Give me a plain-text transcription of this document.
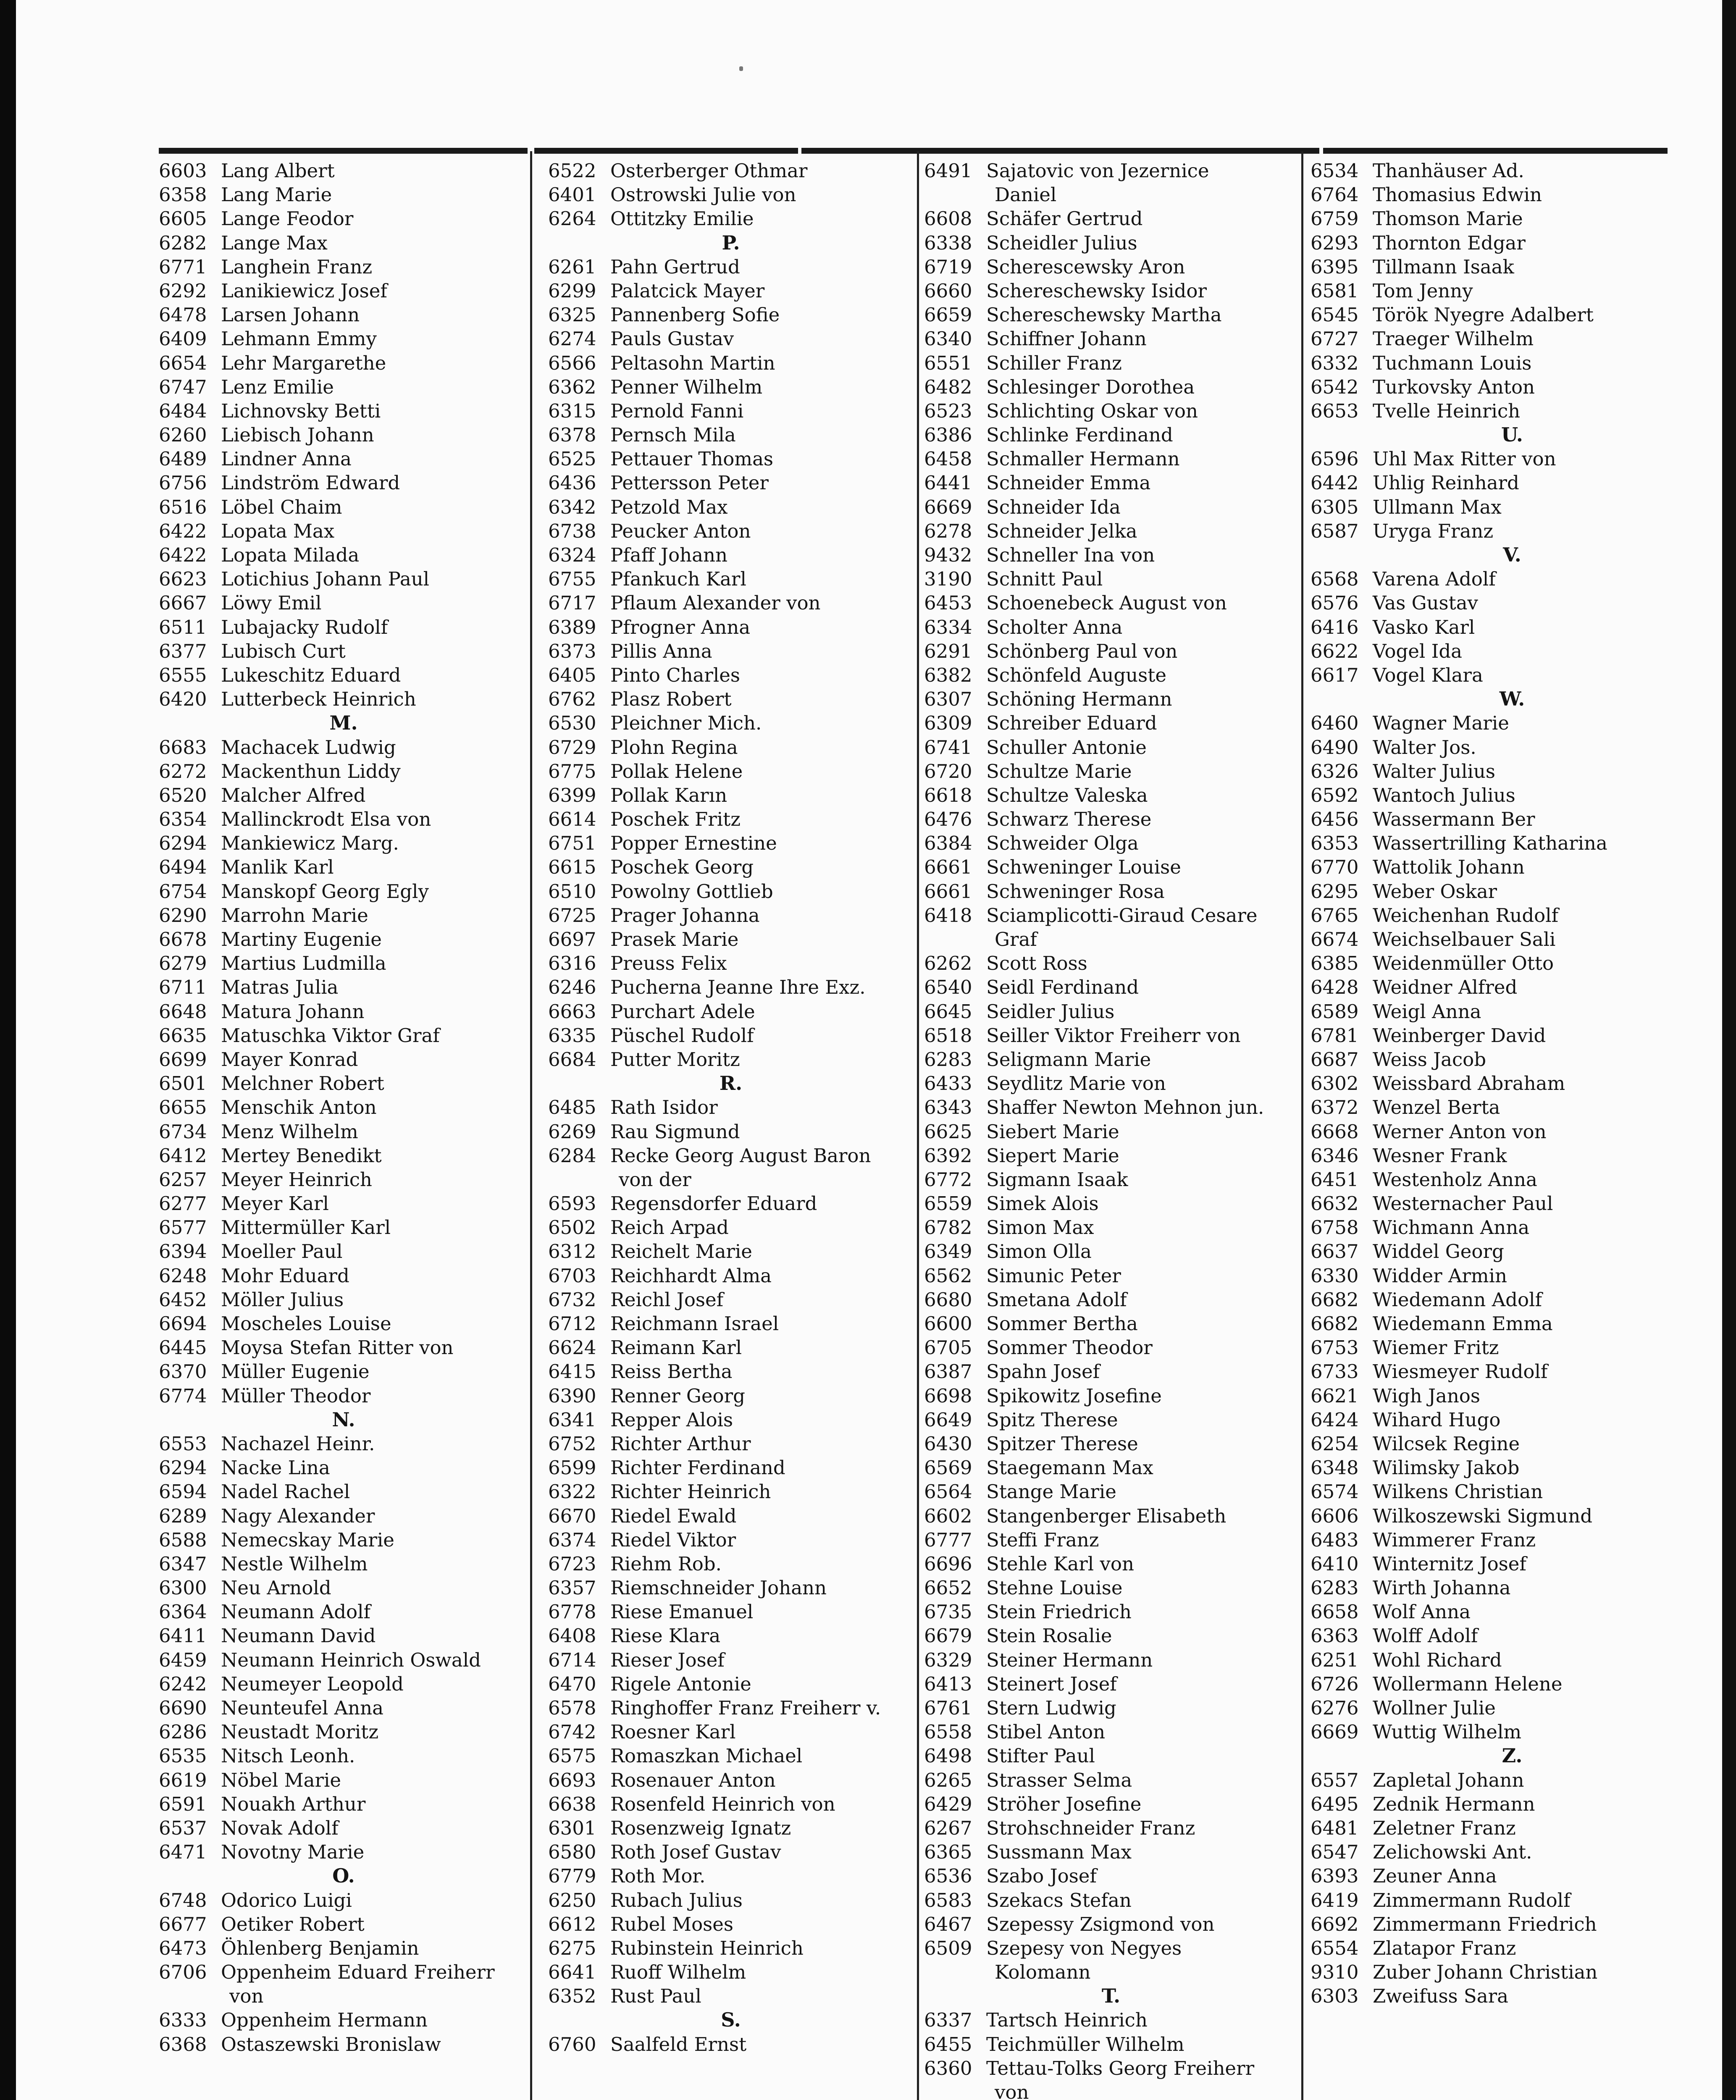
6603 Lang Albert
6358 Lang Marie
6605 Lange Feodor
6282 Lange Max
6771 Langhein Franz
6292 Lanikiewicz Josef
6478 Larsen Johann
6409 Lehmann Emmy
6654 Lehr Margarethe
6747 Lenz Emilie
6484 Lichnovsky Betti
6260 Liebisch Johann
6489 Lindner Anna
6756 Lindström Edward
6516 Löbel Chaim
6422 Lopata Max
6422 Lopata Milada
6623 Lotichius Johann Paul
6667 Löwy Emil
6511 Lubajacky Rudolf
6377 Lubisch Curt
6555 Lukeschitz Eduard
6420 Lutterbeck Heinrich
M.
6683 Machacek Ludwig
6272 Mackenthun Liddy
6520 Malcher Alfred
6354 Mallinckrodt Elsa von
6294 Mankiewicz Marg.
6494 Manlik Karl
6754 Manskopf Georg Egly
6290 Marrohn Marie
6678 Martiny Eugenie
6279 Martius Ludmilla
6711 Matras Julia
6648 Matura Johann
6635 Matuschka Viktor Graf
6699 Mayer Konrad
6501 Melchner Robert
6655 Menschik Anton
6734 Menz Wilhelm
6412 Mertey Benedikt
6257 Meyer Heinrich
6277 Meyer Karl
6577 Mittermüller Karl
6394 Moeller Paul
6248 Mohr Eduard
6452 Möller Julius
6694 Moscheles Louise
6445 Moysa Stefan Ritter von
6370 Müller Eugenie
6774 Müller Theodor
N.
6553 Nachazel Heinr.
6294 Nacke Lina
6594 Nadel Rachel
6289 Nagy Alexander
6588 Nemecskay Marie
6347 Nestle Wilhelm
6300 Neu Arnold
6364 Neumann Adolf
6411 Neumann David
6459 Neumann Heinrich Oswald
6242 Neumeyer Leopold
6690 Neunteufel Anna
6286 Neustadt Moritz
6535 Nitsch Leonh.
6619 Nöbel Marie
6591 Nouakh Arthur
6537 Novak Adolf
6471 Novotny Marie
O.
6748 Odorico Luigi
6677 Oetiker Robert
6473 Öhlenberg Benjamin
6706 Oppenheim Eduard Freiherr
von
6333 Oppenheim Hermann
6368 Ostaszewski Bronislaw
6522 Osterberger Othmar
6401 Ostrowski Julie von
6264 Ottitzky Emilie
P.
6261 Pahn Gertrud
6299 Palatcick Mayer
6325 Pannenberg Sofie
6274 Pauls Gustav
6566 Peltasohn Martin
6362 Penner Wilhelm
6315 Pernold Fanni
6378 Pernsch Mila
6525 Pettauer Thomas
6436 Pettersson Peter
6342 Petzold Max
6738 Peucker Anton
6324 Pfaff Johann
6755 Pfankuch Karl
6717 Pflaum Alexander von
6389 Pfrogner Anna
6373 Pillis Anna
6405 Pinto Charles
6762 Plasz Robert
6530 Pleichner Mich.
6729 Plohn Regina
6775 Pollak Helene
6399 Pollak Karın
6614 Poschek Fritz
6751 Popper Ernestine
6615 Poschek Georg
6510 Powolny Gottlieb
6725 Prager Johanna
6697 Prasek Marie
6316 Preuss Felix
6246 Pucherna Jeanne Ihre Exz.
6663 Purchart Adele
6335 Püschel Rudolf
6684 Putter Moritz
R.
6485 Rath Isidor
6269 Rau Sigmund
6284 Recke Georg August Baron
von der
6593 Regensdorfer Eduard
6502 Reich Arpad
6312 Reichelt Marie
6703 Reichhardt Alma
6732 Reichl Josef
6712 Reichmann Israel
6624 Reimann Karl
6415 Reiss Bertha
6390 Renner Georg
6341 Repper Alois
6752 Richter Arthur
6599 Richter Ferdinand
6322 Richter Heinrich
6670 Riedel Ewald
6374 Riedel Viktor
6723 Riehm Rob.
6357 Riemschneider Johann
6778 Riese Emanuel
6408 Riese Klara
6714 Rieser Josef
6470 Rigele Antonie
6578 Ringhoffer Franz Freiherr v.
6742 Roesner Karl
6575 Romaszkan Michael
6693 Rosenauer Anton
6638 Rosenfeld Heinrich von
6301 Rosenzweig Ignatz
6580 Roth Josef Gustav
6779 Roth Mor.
6250 Rubach Julius
6612 Rubel Moses
6275 Rubinstein Heinrich
6641 Ruoff Wilhelm
6352 Rust Paul
S.
6760 Saalfeld Ernst
6491 Sajatovic von Jezernice
Daniel
6608 Schäfer Gertrud
6338 Scheidler Julius
6719 Scherescewsky Aron
6660 Schereschewsky Isidor
6659 Schereschewsky Martha
6340 Schiffner Johann
6551 Schiller Franz
6482 Schlesinger Dorothea
6523 Schlichting Oskar von
6386 Schlinke Ferdinand
6458 Schmaller Hermann
6441 Schneider Emma
6669 Schneider Ida
6278 Schneider Jelka
9432 Schneller Ina von
3190 Schnitt Paul
6453 Schoenebeck August von
6334 Scholter Anna
6291 Schönberg Paul von
6382 Schönfeld Auguste
6307 Schöning Hermann
6309 Schreiber Eduard
6741 Schuller Antonie
6720 Schultze Marie
6618 Schultze Valeska
6476 Schwarz Therese
6384 Schweider Olga
6661 Schweninger Louise
6661 Schweninger Rosa
6418 Sciamplicotti-Giraud Cesare
Graf
6262 Scott Ross
6540 Seidl Ferdinand
6645 Seidler Julius
6518 Seiller Viktor Freiherr von
6283 Seligmann Marie
6433 Seydlitz Marie von
6343 Shaffer Newton Mehnon jun.
6625 Siebert Marie
6392 Siepert Marie
6772 Sigmann Isaak
6559 Simek Alois
6782 Simon Max
6349 Simon Olla
6562 Simunic Peter
6680 Smetana Adolf
6600 Sommer Bertha
6705 Sommer Theodor
6387 Spahn Josef
6698 Spikowitz Josefine
6649 Spitz Therese
6430 Spitzer Therese
6569 Staegemann Max
6564 Stange Marie
6602 Stangenberger Elisabeth
6777 Steffi Franz
6696 Stehle Karl von
6652 Stehne Louise
6735 Stein Friedrich
6679 Stein Rosalie
6329 Steiner Hermann
6413 Steinert Josef
6761 Stern Ludwig
6558 Stibel Anton
6498 Stifter Paul
6265 Strasser Selma
6429 Ströher Josefine
6267 Strohschneider Franz
6365 Sussmann Max
6536 Szabo Josef
6583 Szekacs Stefan
6467 Szepessy Zsigmond von
6509 Szepesy von Negyes
Kolomann
T.
6337 Tartsch Heinrich
6455 Teichmüller Wilhelm
6360 Tettau-Tolks Georg Freiherr
von
6534 Thanhäuser Ad.
6764 Thomasius Edwin
6759 Thomson Marie
6293 Thornton Edgar
6395 Tillmann Isaak
6581 Tom Jenny
6545 Török Nyegre Adalbert
6727 Traeger Wilhelm
6332 Tuchmann Louis
6542 Turkovsky Anton
6653 Tvelle Heinrich
U.
6596 Uhl Max Ritter von
6442 Uhlig Reinhard
6305 Ullmann Max
6587 Uryga Franz
V.
6568 Varena Adolf
6576 Vas Gustav
6416 Vasko Karl
6622 Vogel Ida
6617 Vogel Klara
W.
6460 Wagner Marie
6490 Walter Jos.
6326 Walter Julius
6592 Wantoch Julius
6456 Wassermann Ber
6353 Wassertrilling Katharina
6770 Wattolik Johann
6295 Weber Oskar
6765 Weichenhan Rudolf
6674 Weichselbauer Sali
6385 Weidenmüller Otto
6428 Weidner Alfred
6589 Weigl Anna
6781 Weinberger David
6687 Weiss Jacob
6302 Weissbard Abraham
6372 Wenzel Berta
6668 Werner Anton von
6346 Wesner Frank
6451 Westenholz Anna
6632 Westernacher Paul
6758 Wichmann Anna
6637 Widdel Georg
6330 Widder Armin
6682 Wiedemann Adolf
6682 Wiedemann Emma
6753 Wiemer Fritz
6733 Wiesmeyer Rudolf
6621 Wigh Janos
6424 Wihard Hugo
6254 Wilcsek Regine
6348 Wilimsky Jakob
6574 Wilkens Christian
6606 Wilkoszewski Sigmund
6483 Wimmerer Franz
6410 Winternitz Josef
6283 Wirth Johanna
6658 Wolf Anna
6363 Wolff Adolf
6251 Wohl Richard
6726 Wollermann Helene
6276 Wollner Julie
6669 Wuttig Wilhelm
Z.
6557 Zapletal Johann
6495 Zednik Hermann
6481 Zeletner Franz
6547 Zelichowski Ant.
6393 Zeuner Anna
6419 Zimmermann Rudolf
6692 Zimmermann Friedrich
6554 Zlatapor Franz
9310 Zuber Johann Christian
6303 Zweifuss Sara
